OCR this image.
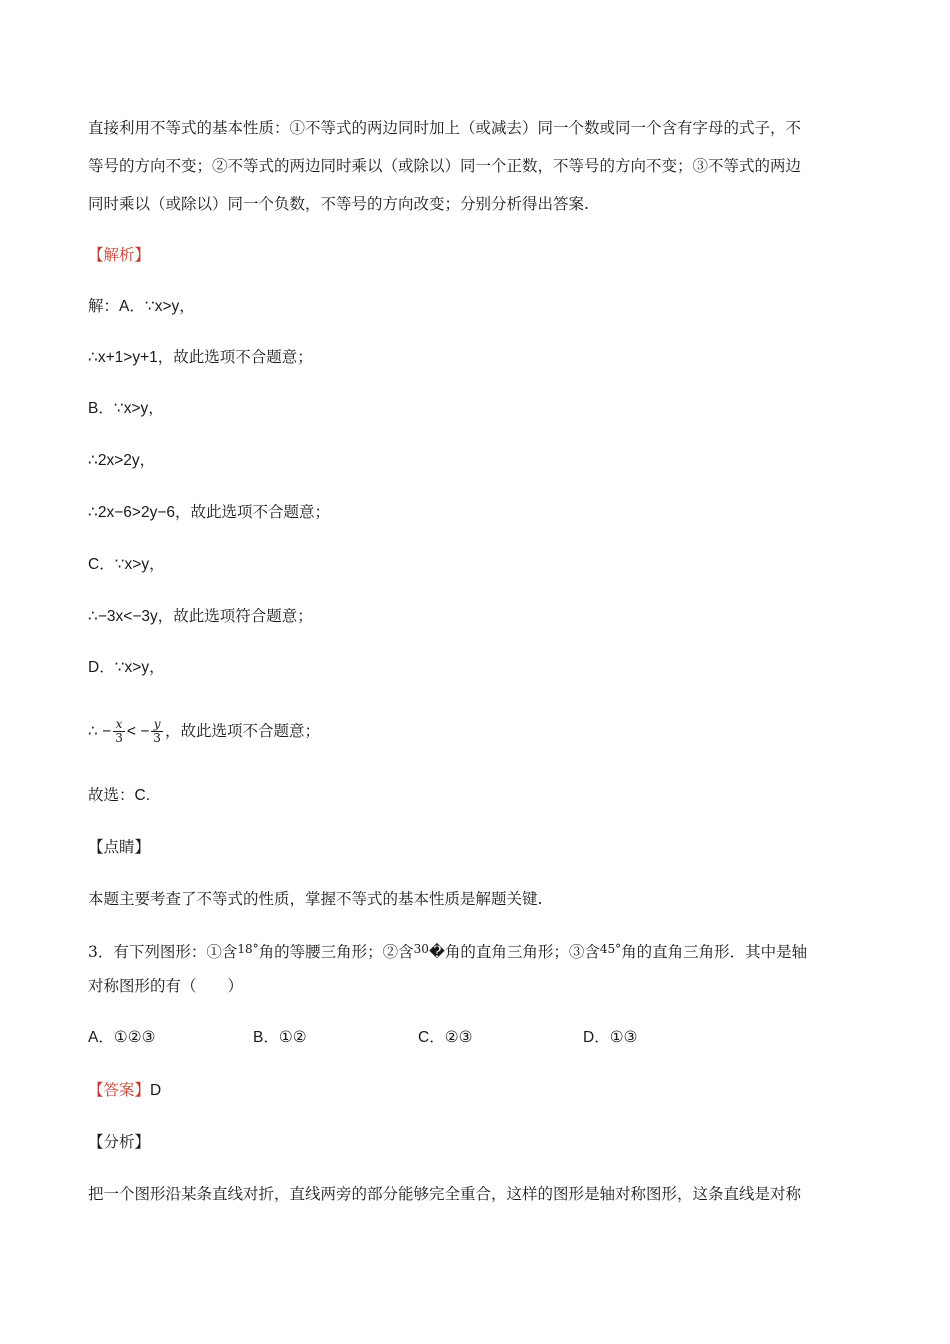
直接利用不等式的基本性质：①不等式的两边同时加上（或减去）同一个数或同一个含有字母的式子，不
等号的方向不变；②不等式的两边同时乘以（或除以）同一个正数，不等号的方向不变；③不等式的两边
同时乘以（或除以）同一个负数，不等号的方向改变；分别分析得出答案.
【解析】
解：A．∵x>y，
∴x+1>y+1，故此选项不合题意；
B．∵x>y，
∴2x>2y，
∴2x−6>2y−6，故此选项不合题意；
C．∵x>y，
∴−3x<−3y，故此选项符合题意；
D．∵x>y，
∴ − $\frac{x}{3}$ < − $\frac{y}{3}$ ，故此选项不合题意；
故选：C.
【点睛】
本题主要考查了不等式的性质，掌握不等式的基本性质是解题关键.
3．有下列图形：①含$^{18^\circ}$角的等腰三角形；②含$^{30}$�角的直角三角形；③含$^{45^\circ}$角的直角三角形．其中是轴
对称图形的有（　　）
A．①②③	B．①②	C．②③	D．①③
【答案】D
【分析】
把一个图形沿某条直线对折，直线两旁的部分能够完全重合，这样的图形是轴对称图形，这条直线是对称
